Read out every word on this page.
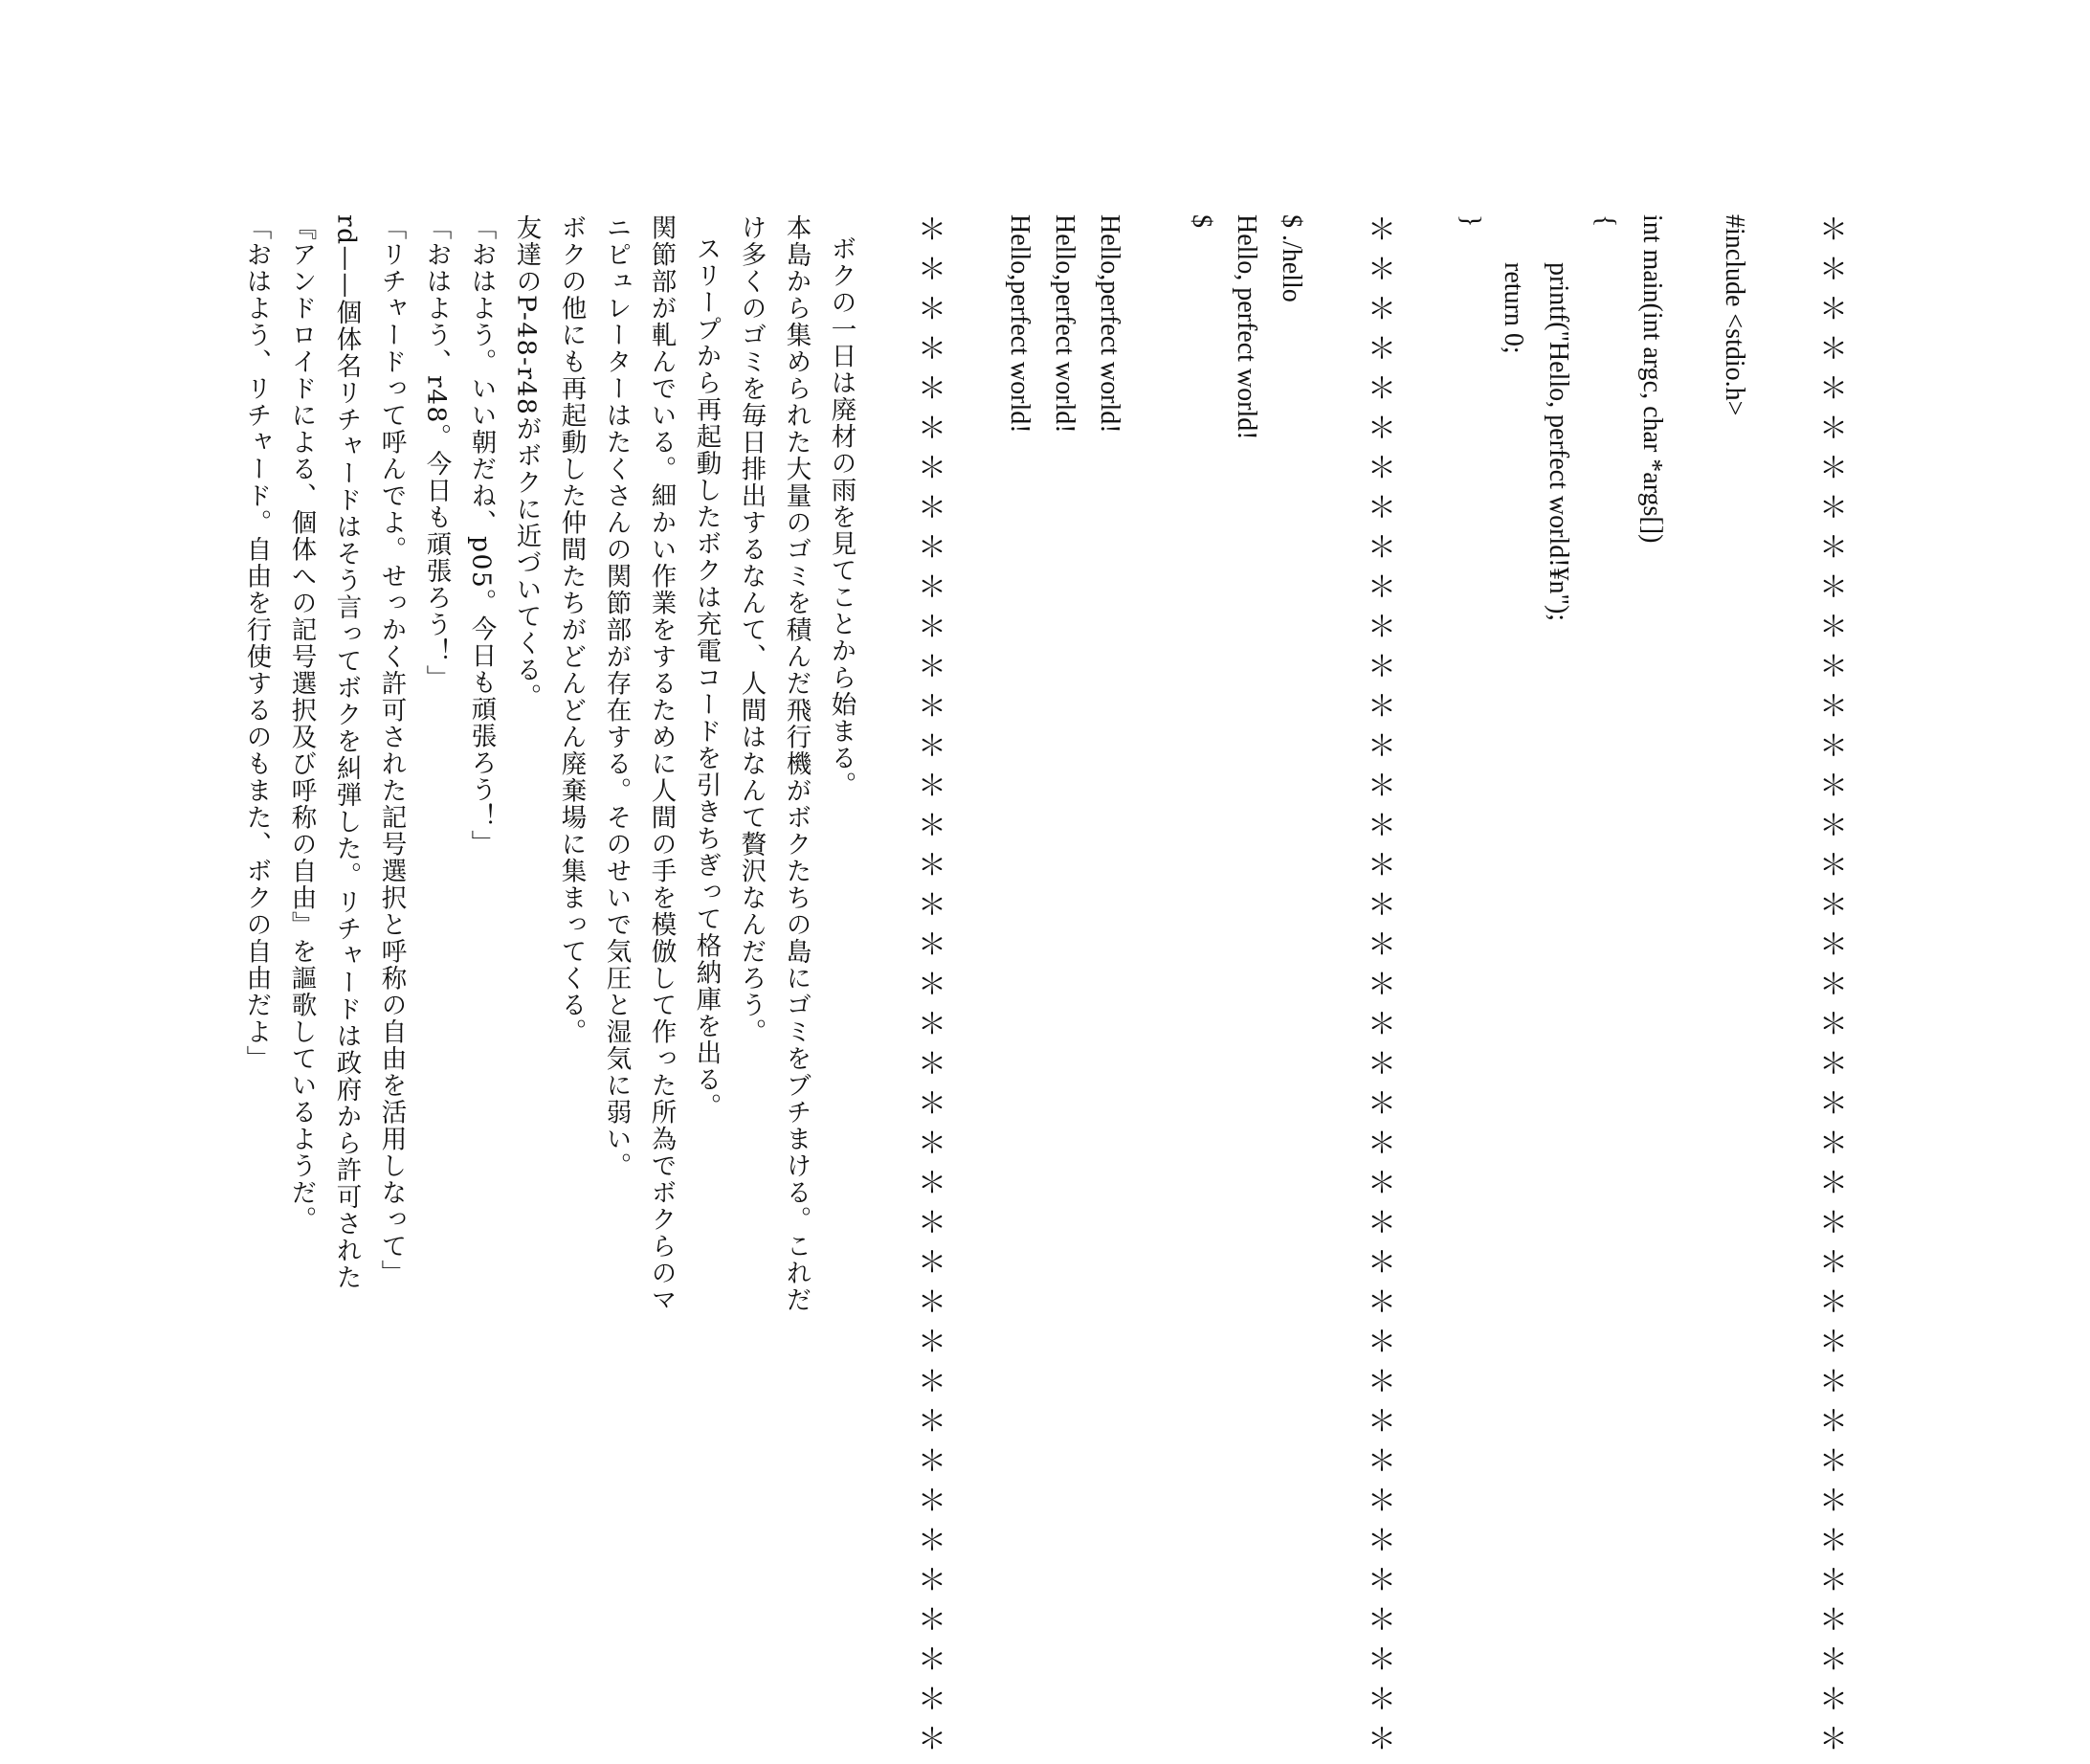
＊＊＊＊＊＊＊＊＊＊＊＊＊＊＊＊＊＊＊＊＊＊＊＊＊＊＊＊＊＊＊＊＊＊＊＊＊＊＊
#include <stdio.h>
int main(int argc, char *args[])
{
printf("Hello, perfect world!¥n");
return 0;
}
＊＊＊＊＊＊＊＊＊＊＊＊＊＊＊＊＊＊＊＊＊＊＊＊＊＊＊＊＊＊＊＊＊＊＊＊＊＊＊
$ ./hello
Hello, perfect world!
$
Hello,perfect world!
Hello,perfect world!
Hello,perfect world!
＊＊＊＊＊＊＊＊＊＊＊＊＊＊＊＊＊＊＊＊＊＊＊＊＊＊＊＊＊＊＊＊＊＊＊＊＊＊＊
ボクの一日は廃材の雨を見てことから始まる。
本島から集められた大量のゴミを積んだ飛行機がボクたちの島にゴミをブチまける。これだ
け多くのゴミを毎日排出するなんて、人間はなんて贅沢なんだろう。
スリープから再起動したボクは充電コードを引きちぎって格納庫を出る。
関節部が軋んでいる。細かい作業をするために人間の手を模倣して作った所為でボクらのマ
ニピュレーターはたくさんの関節部が存在する。そのせいで気圧と湿気に弱い。
ボクの他にも再起動した仲間たちがどんどん廃棄場に集まってくる。
友達のP-48-r48がボクに近づいてくる。
「おはよう。いい朝だね、p05。今日も頑張ろう！」
「おはよう、r48。今日も頑張ろう！」
「リチャードって呼んでよ。せっかく許可された記号選択と呼称の自由を活用しなって」
rd——個体名リチャードはそう言ってボクを糾弾した。リチャードは政府から許可された
『アンドロイドによる、個体への記号選択及び呼称の自由』を謳歌しているようだ。
「おはよう、リチャード。自由を行使するのもまた、ボクの自由だよ」
